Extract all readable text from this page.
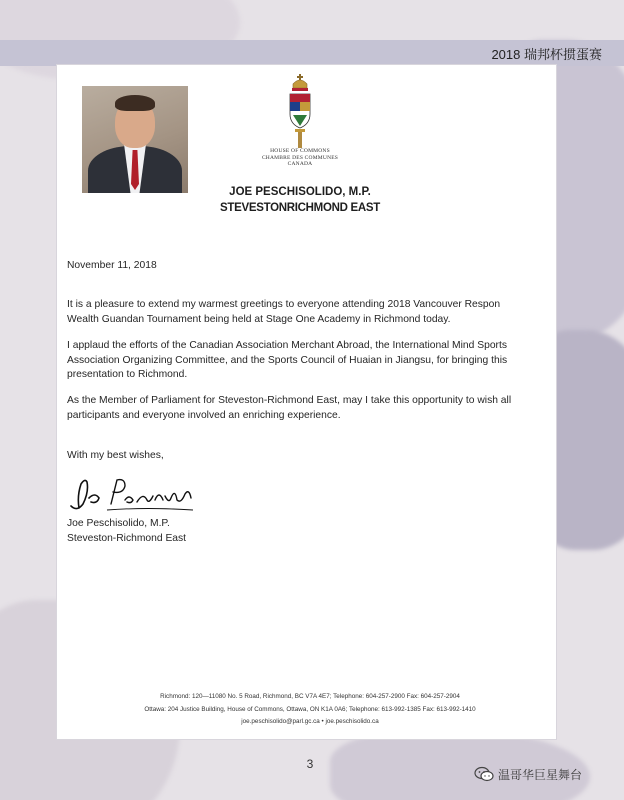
2018 瑞邦杯掼蛋赛
HOUSE OF COMMONS
CHAMBRE DES COMMUNES
CANADA
JOE PESCHISOLIDO, M.P.
STEVESTONRICHMOND EAST
November 11, 2018
It is a pleasure to extend my warmest greetings to everyone attending 2018 Vancouver Respon Wealth Guandan Tournament being held at Stage One Academy in Richmond today.
I applaud the efforts of the Canadian Association Merchant Abroad, the International Mind Sports Association Organizing Committee, and the Sports Council of Huaian in Jiangsu, for bringing this presentation to Richmond.
As the Member of Parliament for Steveston-Richmond East, may I take this opportunity to wish all participants and everyone involved an enriching experience.
With my best wishes,
Joe Peschisolido, M.P.
Steveston-Richmond East
Richmond: 120—11080 No. 5 Road, Richmond, BC V7A 4E7; Telephone: 604-257-2900 Fax: 604-257-2904
Ottawa: 204 Justice Building, House of Commons, Ottawa, ON K1A 0A6; Telephone: 613-992-1385 Fax: 613-992-1410
joe.peschisolido@parl.gc.ca • joe.peschisolido.ca
3
温哥华巨星舞台
